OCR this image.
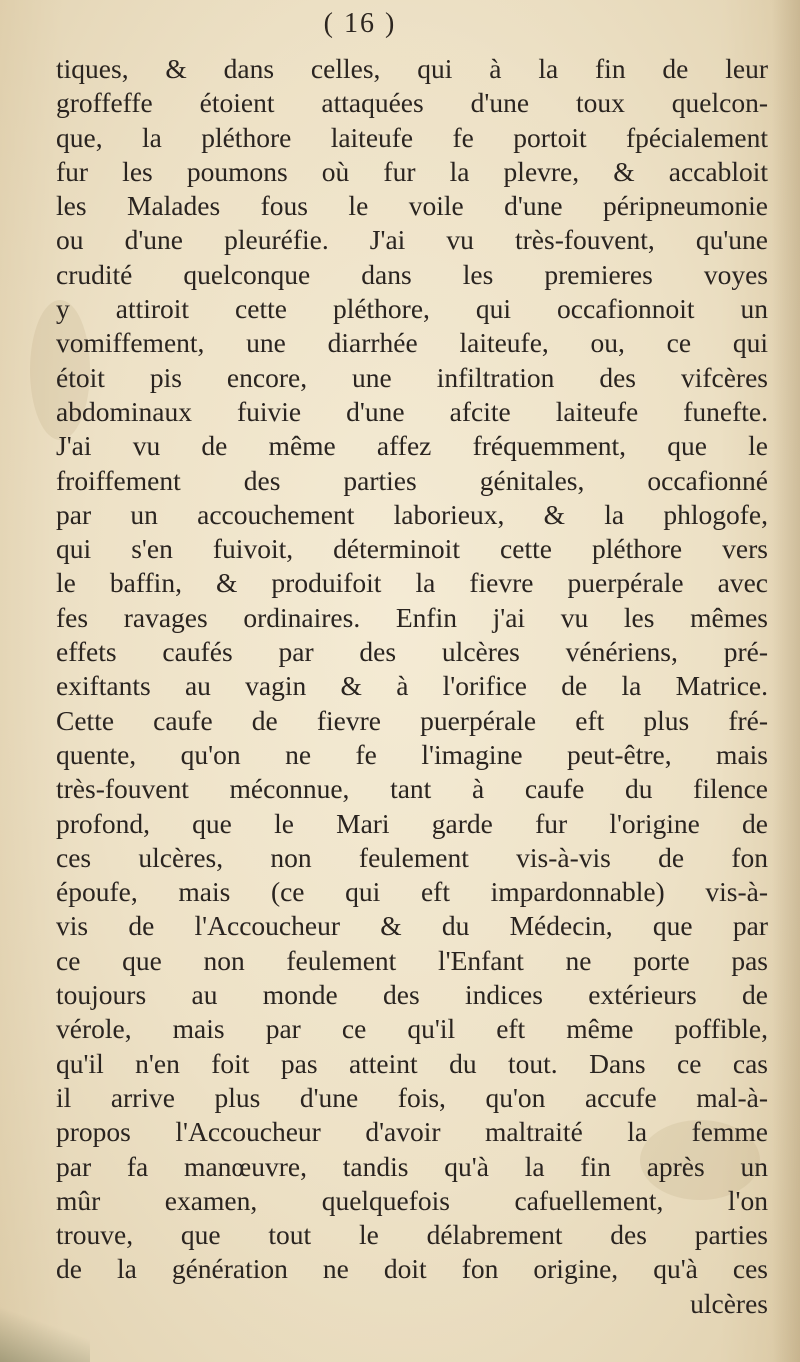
( 16 )
tiques, & dans celles, qui à la fin de leur
groffeffe étoient attaquées d'une toux quelcon-
que, la pléthore laiteufe fe portoit fpécialement
fur les poumons où fur la plevre, & accabloit
les Malades fous le voile d'une péripneumonie
ou d'une pleuréfie. J'ai vu très-fouvent, qu'une
crudité quelconque dans les premieres voyes
y attiroit cette pléthore, qui occafionnoit un
vomiffement, une diarrhée laiteufe, ou, ce qui
étoit pis encore, une infiltration des vifcères
abdominaux fuivie d'une afcite laiteufe funefte.
J'ai vu de même affez fréquemment, que le
froiffement des parties génitales, occafionné
par un accouchement laborieux, & la phlogofe,
qui s'en fuivoit, déterminoit cette pléthore vers
le baffin, & produifoit la fievre puerpérale avec
fes ravages ordinaires. Enfin j'ai vu les mêmes
effets caufés par des ulcères vénériens, pré-
exiftants au vagin & à l'orifice de la Matrice.
Cette caufe de fievre puerpérale eft plus fré-
quente, qu'on ne fe l'imagine peut-être, mais
très-fouvent méconnue, tant à caufe du filence
profond, que le Mari garde fur l'origine de
ces ulcères, non feulement vis-à-vis de fon
époufe, mais (ce qui eft impardonnable) vis-à-
vis de l'Accoucheur & du Médecin, que par
ce que non feulement l'Enfant ne porte pas
toujours au monde des indices extérieurs de
vérole, mais par ce qu'il eft même poffible,
qu'il n'en foit pas atteint du tout. Dans ce cas
il arrive plus d'une fois, qu'on accufe mal-à-
propos l'Accoucheur d'avoir maltraité la femme
par fa manœuvre, tandis qu'à la fin après un
mûr examen, quelquefois cafuellement, l'on
trouve, que tout le délabrement des parties
de la génération ne doit fon origine, qu'à ces
ulcères
